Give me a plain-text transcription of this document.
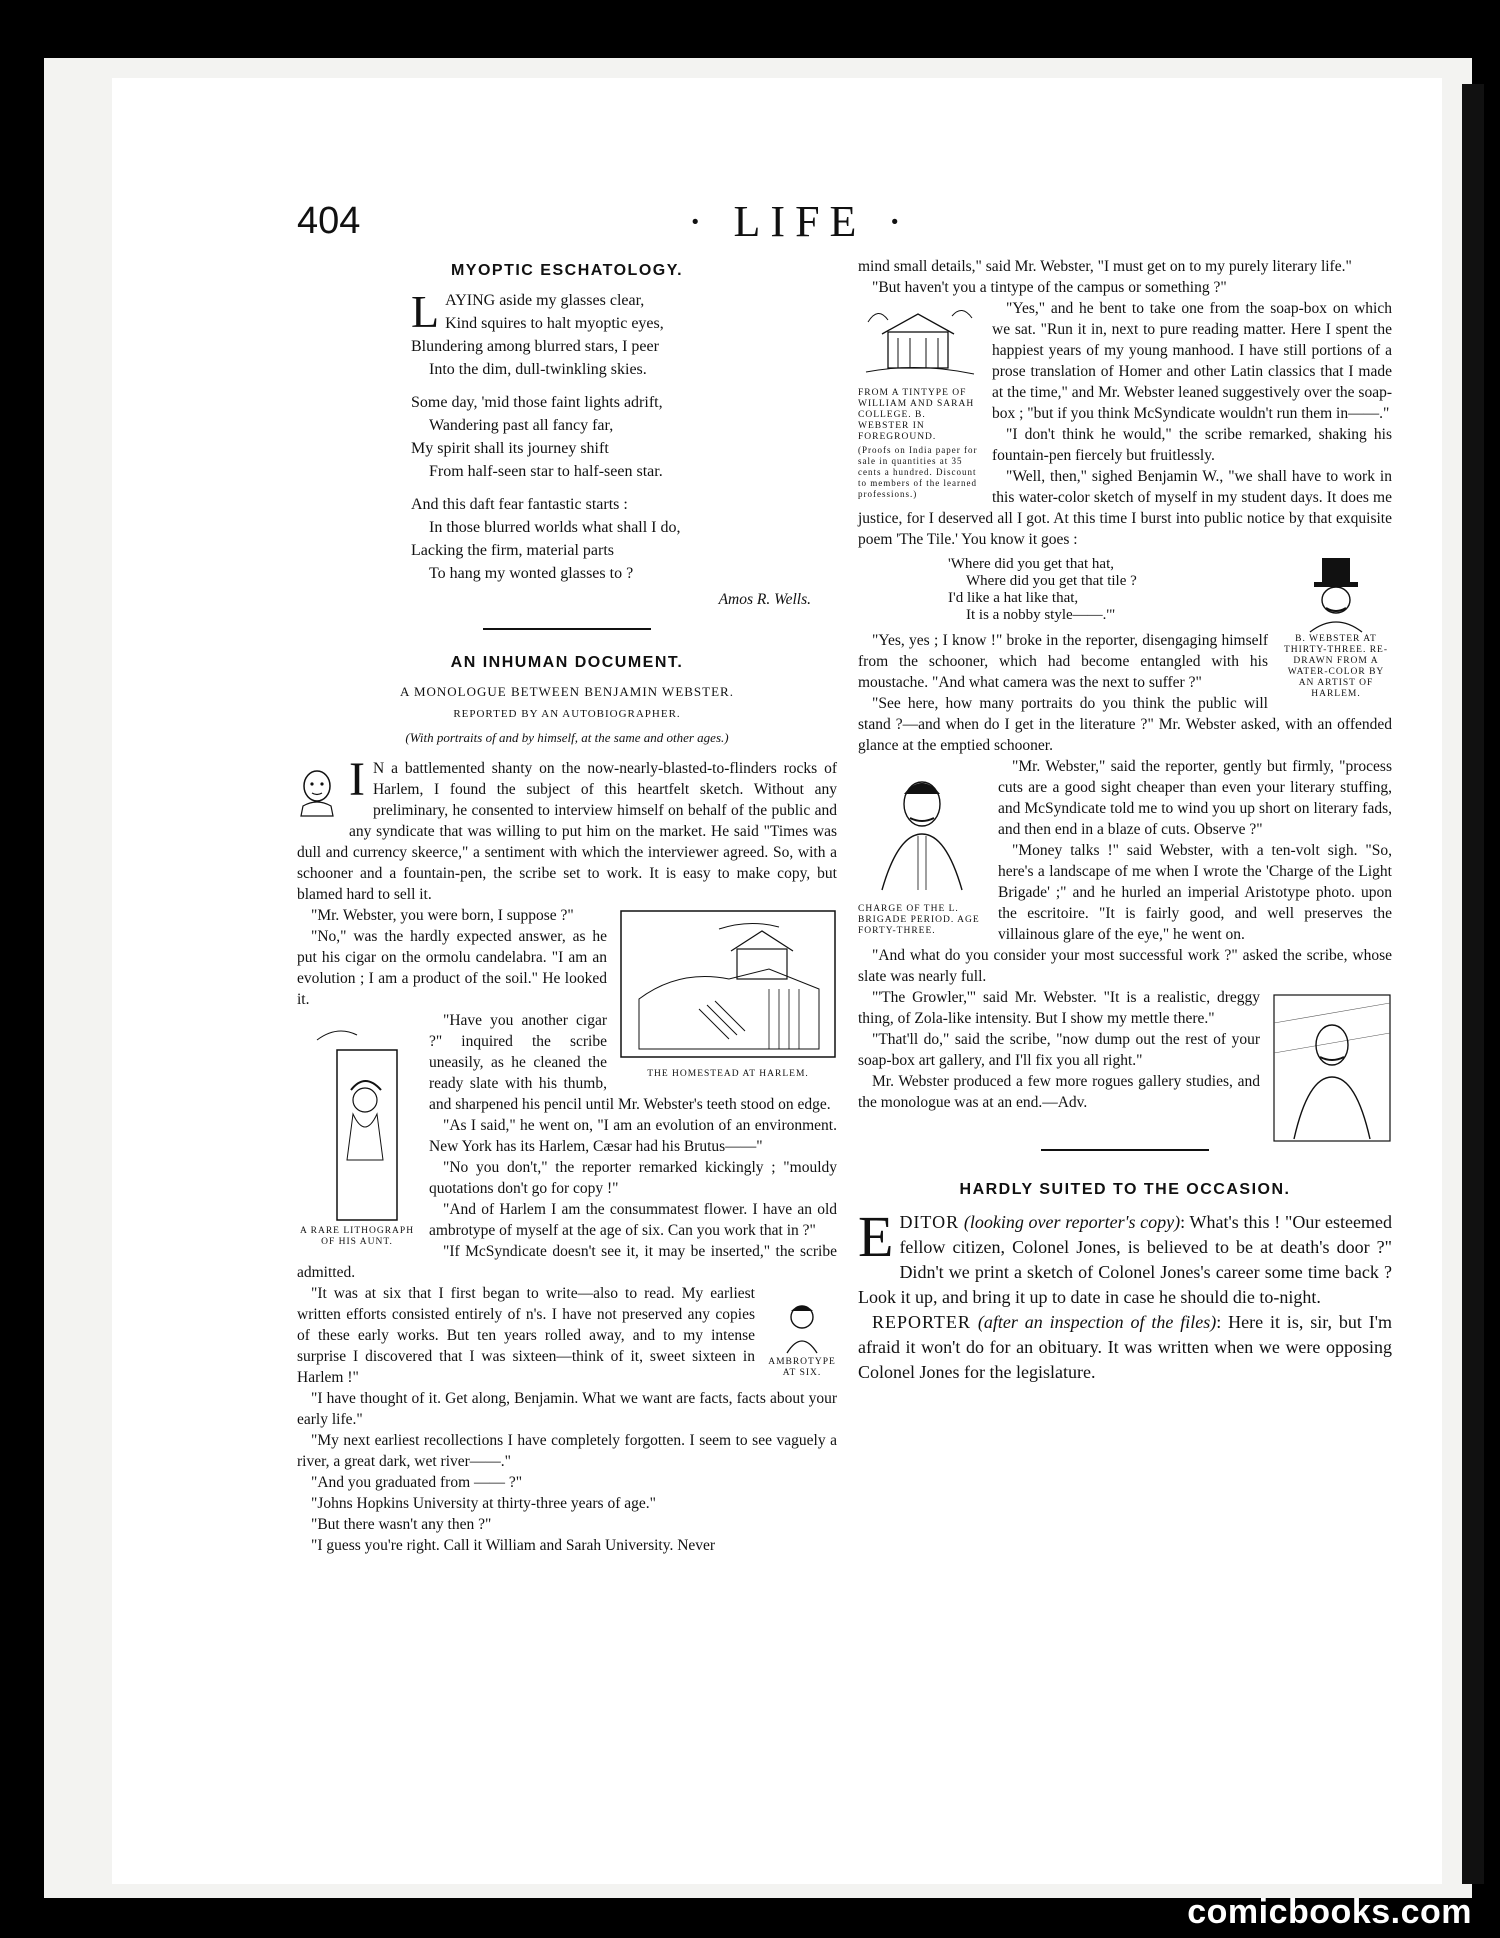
404	· LIFE ·
MYOPTIC ESCHATOLOGY.
L AYING aside my glasses clear,
Kind squires to halt myoptic eyes,
Blundering among blurred stars, I peer
Into the dim, dull-twinkling skies.
Some day, 'mid those faint lights adrift,
Wandering past all fancy far,
My spirit shall its journey shift
From half-seen star to half-seen star.
And this daft fear fantastic starts :
In those blurred worlds what shall I do,
Lacking the firm, material parts
To hang my wonted glasses to ?
Amos R. Wells.
AN INHUMAN DOCUMENT.
A MONOLOGUE BETWEEN BENJAMIN WEBSTER.
REPORTED BY AN AUTOBIOGRAPHER.
(With portraits of and by himself, at the same and other ages.)

I N a battlemented shanty on the now-nearly-blasted-to-flinders rocks of Harlem, I found the subject of this heartfelt sketch. Without any preliminary, he consented to interview himself on behalf of the public and any syndicate that was willing to put him on the market. He said "Times was dull and currency skeerce," a sentiment with which the interviewer agreed. So, with a schooner and a fountain-pen, the scribe set to work. It is easy to make copy, but blamed hard to sell it.

THE HOMESTEAD AT HARLEM.

"Mr. Webster, you were born, I suppose ?"

"No," was the hardly expected answer, as he put his cigar on the ormolu candelabra. "I am an evolution ; I am a product of the soil." He looked it.

A RARE LITHOGRAPH OF HIS AUNT.

"Have you another cigar ?" inquired the scribe uneasily, as he cleaned the ready slate with his thumb, and sharpened his pencil until Mr. Webster's teeth stood on edge.

"As I said," he went on, "I am an evolution of an environment. New York has its Harlem, Cæsar had his Brutus——"

"No you don't," the reporter remarked kickingly ; "mouldy quotations don't go for copy !"

"And of Harlem I am the consummatest flower. I have an old ambrotype of myself at the age of six. Can you work that in ?"

"If McSyndicate doesn't see it, it may be inserted," the scribe admitted.

AMBROTYPE AT SIX.

"It was at six that I first began to write—also to read. My earliest written efforts consisted entirely of n's. I have not preserved any copies of these early works. But ten years rolled away, and to my intense surprise I discovered that I was sixteen—think of it, sweet sixteen in Harlem !"

"I have thought of it. Get along, Benjamin. What we want are facts, facts about your early life."

"My next earliest recollections I have completely forgotten. I seem to see vaguely a river, a great dark, wet river——."

"And you graduated from —— ?"

"Johns Hopkins University at thirty-three years of age."

"But there wasn't any then ?"

"I guess you're right. Call it William and Sarah University. Never

mind small details," said Mr. Webster, "I must get on to my purely literary life."

"But haven't you a tintype of the campus or something ?"

FROM A TINTYPE OF WILLIAM AND SARAH COLLEGE. B. WEBSTER IN FOREGROUND.
(Proofs on India paper for sale in quantities at 35 cents a hundred. Discount to members of the learned professions.)

"Yes," and he bent to take one from the soap-box on which we sat. "Run it in, next to pure reading matter. Here I spent the happiest years of my young manhood. I have still portions of a prose translation of Homer and other Latin classics that I made at the time," and Mr. Webster leaned suggestively over the soap-box ; "but if you think McSyndicate wouldn't run them in——."

"I don't think he would," the scribe remarked, shaking his fountain-pen fiercely but fruitlessly.

"Well, then," sighed Benjamin W., "we shall have to work in this water-color sketch of myself in my student days. It does me justice, for I deserved all I got. At this time I burst into public notice by that exquisite poem 'The Tile.' You know it goes :

B. WEBSTER AT THIRTY-THREE. RE-DRAWN FROM A WATER-COLOR BY AN ARTIST OF HARLEM.
'Where did you get that hat,
Where did you get that tile ?
I'd like a hat like that,
It is a nobby style——.'"

"Yes, yes ; I know !" broke in the reporter, disengaging himself from the schooner, which had become entangled with his moustache. "And what camera was the next to suffer ?"

"See here, how many portraits do you think the public will stand ?—and when do I get in the literature ?" Mr. Webster asked, with an offended glance at the emptied schooner.

CHARGE OF THE L. BRIGADE PERIOD. AGE FORTY-THREE.

"Mr. Webster," said the reporter, gently but firmly, "process cuts are a good sight cheaper than even your literary stuffing, and McSyndicate told me to wind you up short on literary fads, and then end in a blaze of cuts. Observe ?"

"Money talks !" said Webster, with a ten-volt sigh. "So, here's a landscape of me when I wrote the 'Charge of the Light Brigade' ;" and he hurled an imperial Aristotype photo. upon the escritoire. "It is fairly good, and well preserves the villainous glare of the eye," he went on.

"And what do you consider your most successful work ?" asked the scribe, whose slate was nearly full.

"'The Growler,'" said Mr. Webster. "It is a realistic, dreggy thing, of Zola-like intensity. But I show my mettle there."

"That'll do," said the scribe, "now dump out the rest of your soap-box art gallery, and I'll fix you all right."

Mr. Webster produced a few more rogues gallery studies, and the monologue was at an end.—Adv.

HARDLY SUITED TO THE OCCASION.

EDITOR (looking over reporter's copy): What's this ! "Our esteemed fellow citizen, Colonel Jones, is believed to be at death's door ?" Didn't we print a sketch of Colonel Jones's career some time back ? Look it up, and bring it up to date in case he should die to-night.

REPORTER (after an inspection of the files): Here it is, sir, but I'm afraid it won't do for an obituary. It was written when we were opposing Colonel Jones for the legislature.

comicbooks.com
